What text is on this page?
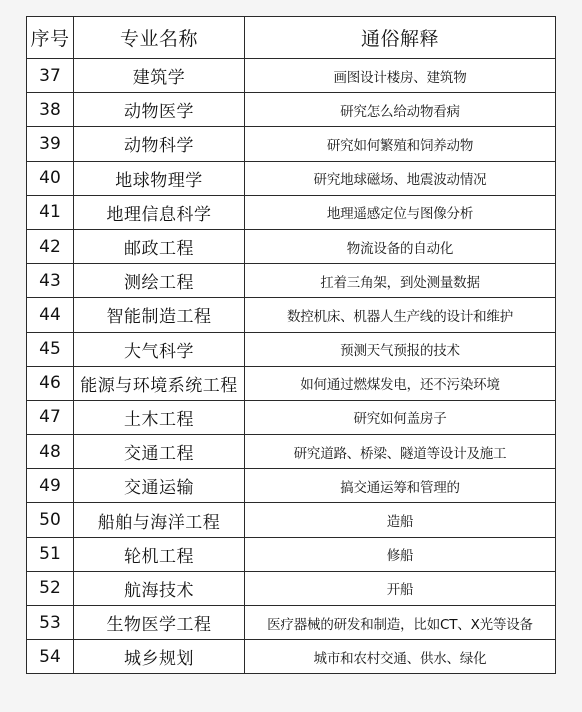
序号	专业名称	通俗解释
37	建筑学	画图设计楼房、建筑物
38	动物医学	研究怎么给动物看病
39	动物科学	研究如何繁殖和饲养动物
40	地球物理学	研究地球磁场、地震波动情况
41	地理信息科学	地理遥感定位与图像分析
42	邮政工程	物流设备的自动化
43	测绘工程	扛着三角架，到处测量数据
44	智能制造工程	数控机床、机器人生产线的设计和维护
45	大气科学	预测天气预报的技术
46	能源与环境系统工程	如何通过燃煤发电，还不污染环境
47	土木工程	研究如何盖房子
48	交通工程	研究道路、桥梁、隧道等设计及施工
49	交通运输	搞交通运筹和管理的
50	船舶与海洋工程	造船
51	轮机工程	修船
52	航海技术	开船
53	生物医学工程	医疗器械的研发和制造，比如CT、X光等设备
54	城乡规划	城市和农村交通、供水、绿化
